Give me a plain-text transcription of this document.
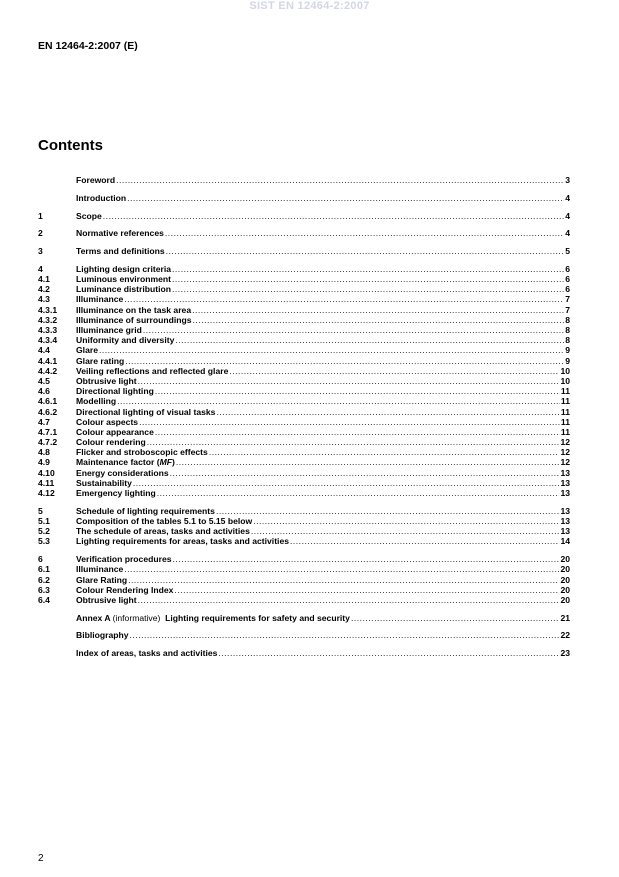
SIST EN 12464-2:2007
EN 12464-2:2007 (E)
Contents
Foreword .....	3
Introduction .....	4
1	Scope .....	4
2	Normative references .....	4
3	Terms and definitions .....	5
4	Lighting design criteria .....	6
4.1	Luminous environment .....	6
4.2	Luminance distribution .....	6
4.3	Illuminance .....	7
4.3.1	Illuminance on the task area .....	7
4.3.2	Illuminance of surroundings .....	8
4.3.3	Illuminance grid .....	8
4.3.4	Uniformity and diversity .....	8
4.4	Glare .....	9
4.4.1	Glare rating .....	9
4.4.2	Veiling reflections and reflected glare .....	10
4.5	Obtrusive light .....	10
4.6	Directional lighting .....	11
4.6.1	Modelling .....	11
4.6.2	Directional lighting of visual tasks .....	11
4.7	Colour aspects .....	11
4.7.1	Colour appearance .....	11
4.7.2	Colour rendering .....	12
4.8	Flicker and stroboscopic effects .....	12
4.9	Maintenance factor (MF) .....	12
4.10	Energy considerations .....	13
4.11	Sustainability .....	13
4.12	Emergency lighting .....	13
5	Schedule of lighting requirements .....	13
5.1	Composition of the tables 5.1 to 5.15 below .....	13
5.2	The schedule of areas, tasks and activities .....	13
5.3	Lighting requirements for areas, tasks and activities .....	14
6	Verification procedures .....	20
6.1	Illuminance .....	20
6.2	Glare Rating .....	20
6.3	Colour Rendering Index .....	20
6.4	Obtrusive light .....	20
Annex A (informative)  Lighting requirements for safety and security .....	21
Bibliography .....	22
Index of areas, tasks and activities .....	23
2
